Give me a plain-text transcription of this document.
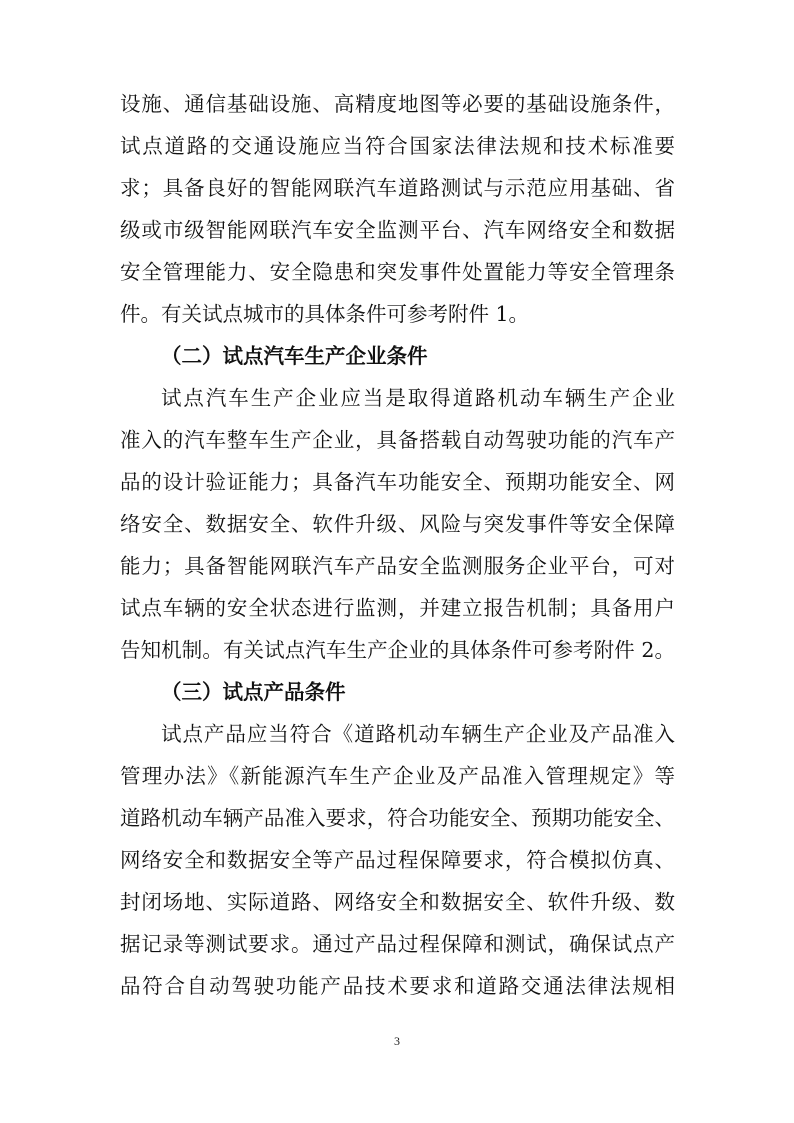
设施、通信基础设施、高精度地图等必要的基础设施条件，
试点道路的交通设施应当符合国家法律法规和技术标准要
求；具备良好的智能网联汽车道路测试与示范应用基础、省
级或市级智能网联汽车安全监测平台、汽车网络安全和数据
安全管理能力、安全隐患和突发事件处置能力等安全管理条
件。有关试点城市的具体条件可参考附件 1。
（二）试点汽车生产企业条件
试点汽车生产企业应当是取得道路机动车辆生产企业
准入的汽车整车生产企业，具备搭载自动驾驶功能的汽车产
品的设计验证能力；具备汽车功能安全、预期功能安全、网
络安全、数据安全、软件升级、风险与突发事件等安全保障
能力；具备智能网联汽车产品安全监测服务企业平台，可对
试点车辆的安全状态进行监测，并建立报告机制；具备用户
告知机制。有关试点汽车生产企业的具体条件可参考附件 2。
（三）试点产品条件
试点产品应当符合《道路机动车辆生产企业及产品准入
管理办法》《新能源汽车生产企业及产品准入管理规定》等
道路机动车辆产品准入要求，符合功能安全、预期功能安全、
网络安全和数据安全等产品过程保障要求，符合模拟仿真、
封闭场地、实际道路、网络安全和数据安全、软件升级、数
据记录等测试要求。通过产品过程保障和测试，确保试点产
品符合自动驾驶功能产品技术要求和道路交通法律法规相
3
